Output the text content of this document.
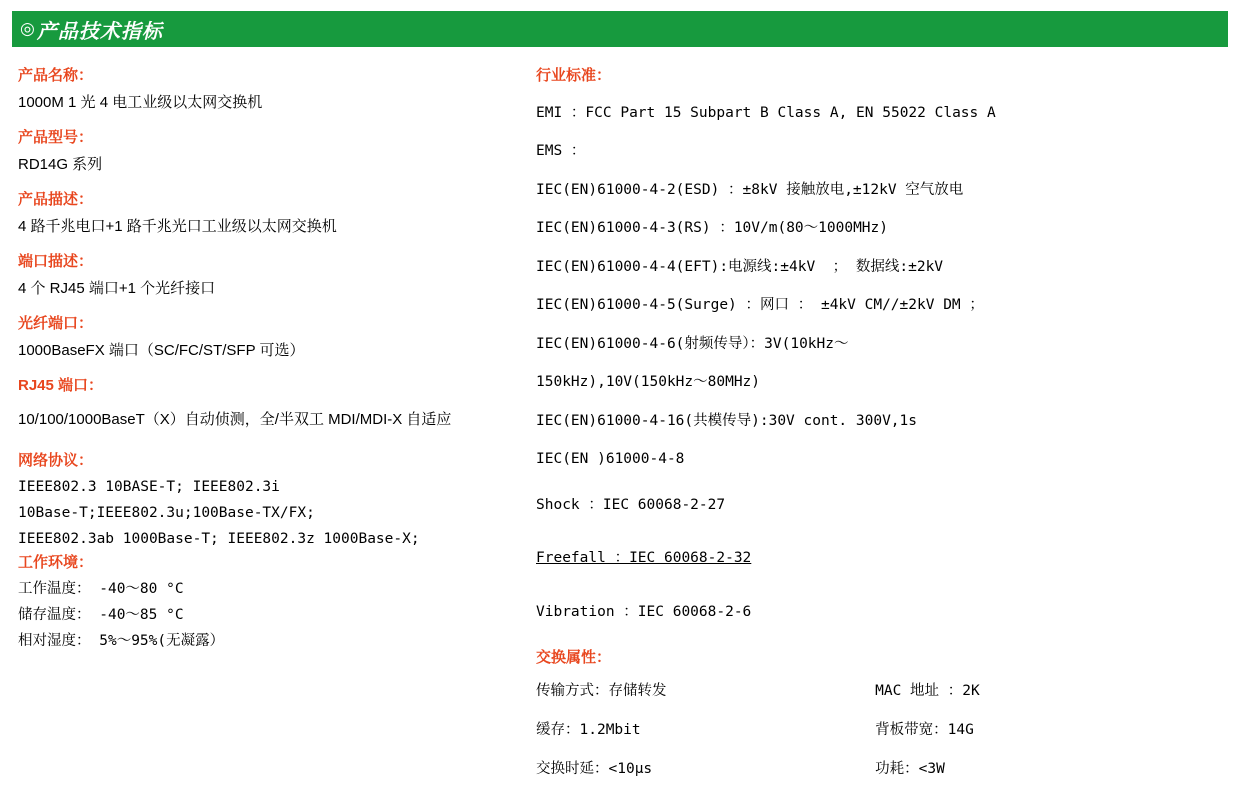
◎ 产品技术指标

产品名称：

1000M 1 光 4 电工业级以太网交换机

产品型号：

RD14G 系列

产品描述：

4 路千兆电口+1 路千兆光口工业级以太网交换机

端口描述：

4 个 RJ45 端口+1 个光纤接口

光纤端口：

1000BaseFX 端口（SC/FC/ST/SFP 可选）

RJ45 端口：

10/100/1000BaseT（X）自动侦测，全/半双工 MDI/MDI-X 自适应

网络协议：

IEEE802.3 10BASE-T; IEEE802.3i

10Base-T;IEEE802.3u;100Base-TX/FX;

IEEE802.3ab 1000Base-T; IEEE802.3z 1000Base-X;

工作环境：

工作温度： -40～80 °C

储存温度： -40～85 °C

相对湿度： 5%～95%(无凝露）

行业标准：

EMI ：FCC Part 15 Subpart B Class A, EN 55022 Class A

EMS ：

IEC(EN)61000-4-2(ESD) ：±8kV 接触放电,±12kV 空气放电

IEC(EN)61000-4-3(RS) ：10V/m(80～1000MHz)

IEC(EN)61000-4-4(EFT):电源线:±4kV  ； 数据线:±2kV

IEC(EN)61000-4-5(Surge) ：网口 ： ±4kV CM//±2kV DM ；

IEC(EN)61000-4-6(射频传导）：3V(10kHz～

150kHz),10V(150kHz～80MHz)

IEC(EN)61000-4-16(共模传导):30V cont. 300V,1s

IEC(EN )61000-4-8

Shock ：IEC 60068-2-27

Freefall ：IEC 60068-2-32

Vibration ：IEC 60068-2-6

交换属性：

传输方式：存储转发	MAC 地址 ：2K
缓存：1.2Mbit	背板带宽：14G
交换时延：<10μs	功耗：<3W
